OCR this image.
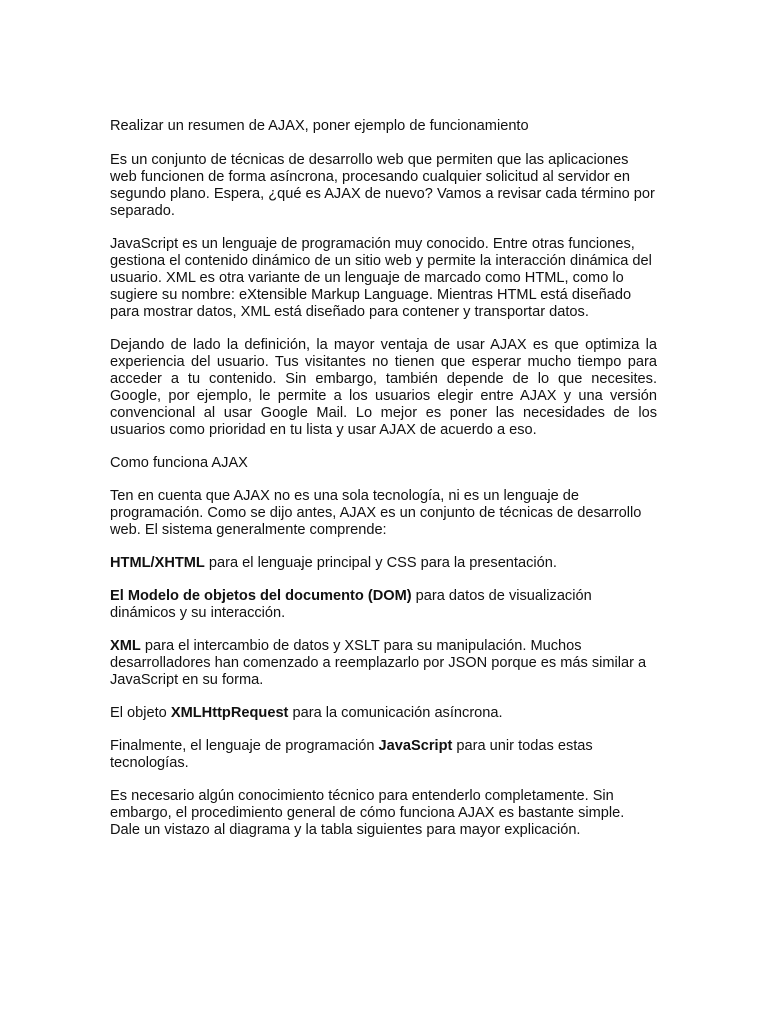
Realizar un resumen de AJAX, poner ejemplo de funcionamiento

Es un conjunto de técnicas de desarrollo web que permiten que las aplicaciones web funcionen de forma asíncrona, procesando cualquier solicitud al servidor en segundo plano. Espera, ¿qué es AJAX de nuevo? Vamos a revisar cada término por separado.

JavaScript es un lenguaje de programación muy conocido. Entre otras funciones, gestiona el contenido dinámico de un sitio web y permite la interacción dinámica del usuario. XML es otra variante de un lenguaje de marcado como HTML, como lo sugiere su nombre: eXtensible Markup Language. Mientras HTML está diseñado para mostrar datos, XML está diseñado para contener y transportar datos.

Dejando de lado la definición, la mayor ventaja de usar AJAX es que optimiza la experiencia del usuario. Tus visitantes no tienen que esperar mucho tiempo para acceder a tu contenido. Sin embargo, también depende de lo que necesites. Google, por ejemplo, le permite a los usuarios elegir entre AJAX y una versión convencional al usar Google Mail. Lo mejor es poner las necesidades de los usuarios como prioridad en tu lista y usar AJAX de acuerdo a eso.

Como funciona AJAX

Ten en cuenta que AJAX no es una sola tecnología, ni es un lenguaje de programación. Como se dijo antes, AJAX es un conjunto de técnicas de desarrollo web. El sistema generalmente comprende:

HTML/XHTML para el lenguaje principal y CSS para la presentación.

El Modelo de objetos del documento (DOM) para datos de visualización dinámicos y su interacción.

XML para el intercambio de datos y XSLT para su manipulación. Muchos desarrolladores han comenzado a reemplazarlo por JSON porque es más similar a JavaScript en su forma.

El objeto XMLHttpRequest para la comunicación asíncrona.

Finalmente, el lenguaje de programación JavaScript para unir todas estas tecnologías.

Es necesario algún conocimiento técnico para entenderlo completamente. Sin embargo, el procedimiento general de cómo funciona AJAX es bastante simple. Dale un vistazo al diagrama y la tabla siguientes para mayor explicación.
